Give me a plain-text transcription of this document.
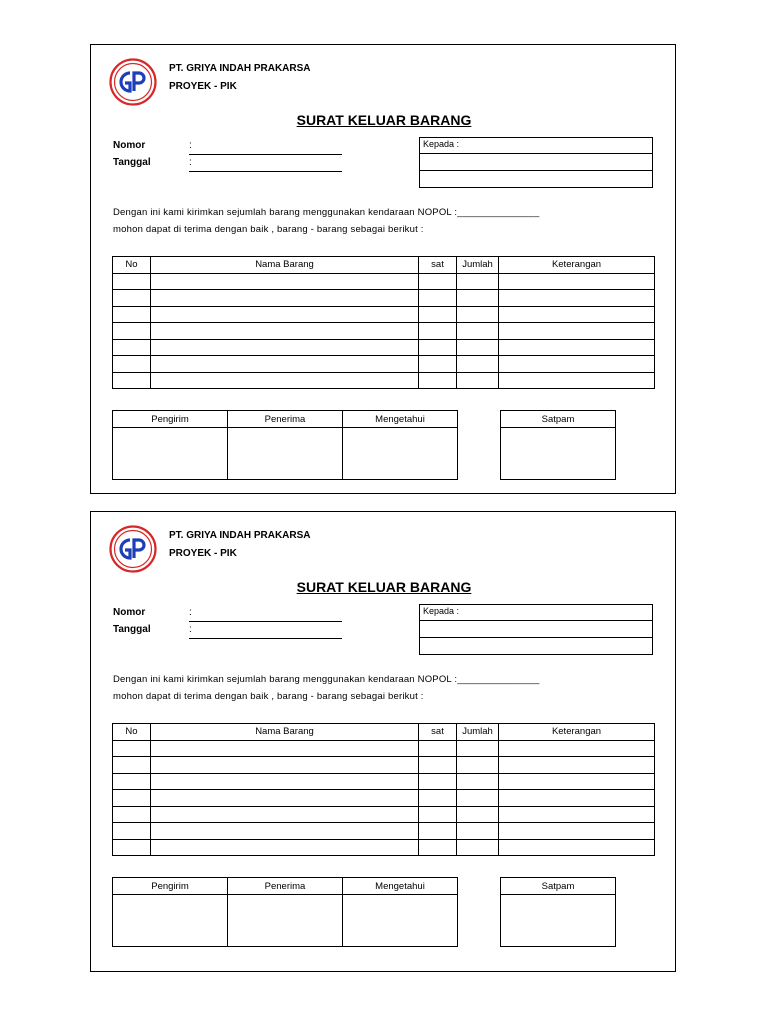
PT. GRIYA INDAH PRAKARSA
PROYEK - PIK
SURAT KELUAR BARANG
Nomor	:
Tanggal	:
Kepada :
Dengan ini kami kirimkan sejumlah barang menggunakan kendaraan NOPOL :_______________
mohon dapat di terima dengan baik , barang - barang sebagai berikut :
No	Nama Barang	sat	Jumlah	Keterangan

Pengirim	Penerima	Mengetahui
			Satpam

PT. GRIYA INDAH PRAKARSA
PROYEK - PIK
SURAT KELUAR BARANG
Nomor	:
Tanggal	:
Kepada :
Dengan ini kami kirimkan sejumlah barang menggunakan kendaraan NOPOL :_______________
mohon dapat di terima dengan baik , barang - barang sebagai berikut :
No	Nama Barang	sat	Jumlah	Keterangan

Pengirim	Penerima	Mengetahui
			Satpam
